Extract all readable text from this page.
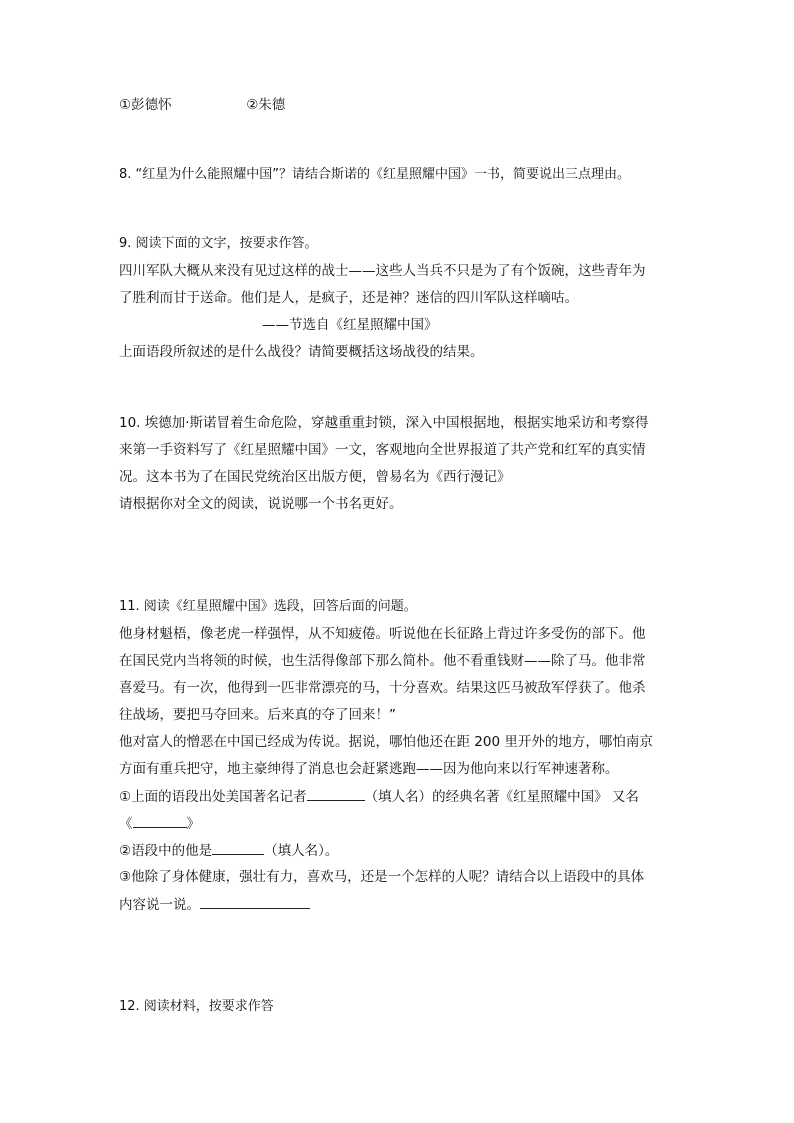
①彭德怀	②朱德
8. “红星为什么能照耀中国”？请结合斯诺的《红星照耀中国》一书，简要说出三点理由。
9. 阅读下面的文字，按要求作答。
四川军队大概从来没有见过这样的战士——这些人当兵不只是为了有个饭碗，这些青年为
了胜利而甘于送命。他们是人，是疯子，还是神？迷信的四川军队这样嘀咕。
——节选自《红星照耀中国》
上面语段所叙述的是什么战役？请简要概括这场战役的结果。
10. 埃德加·斯诺冒着生命危险，穿越重重封锁，深入中国根据地，根据实地采访和考察得
来第一手资料写了《红星照耀中国》一文，客观地向全世界报道了共产党和红军的真实情
况。这本书为了在国民党统治区出版方便，曾易名为《西行漫记》
请根据你对全文的阅读，说说哪一个书名更好。
11. 阅读《红星照耀中国》选段，回答后面的问题。
他身材魁梧，像老虎一样强悍，从不知疲倦。听说他在长征路上背过许多受伤的部下。他
在国民党内当将领的时候，也生活得像部下那么简朴。他不看重钱财——除了马。他非常
喜爱马。有一次，他得到一匹非常漂亮的马，十分喜欢。结果这匹马被敌军俘获了。他杀
往战场，要把马夺回来。后来真的夺了回来！”
他对富人的憎恶在中国已经成为传说。据说，哪怕他还在距 200 里开外的地方，哪怕南京
方面有重兵把守，地主豪绅得了消息也会赶紧逃跑——因为他向来以行军神速著称。
①上面的语段出处美国著名记者	（填人名）的经典名著《红星照耀中国》 又名
《	》
②语段中的他是	（填人名）。
③他除了身体健康，强壮有力，喜欢马，还是一个怎样的人呢？请结合以上语段中的具体
内容说一说。
12. 阅读材料，按要求作答
